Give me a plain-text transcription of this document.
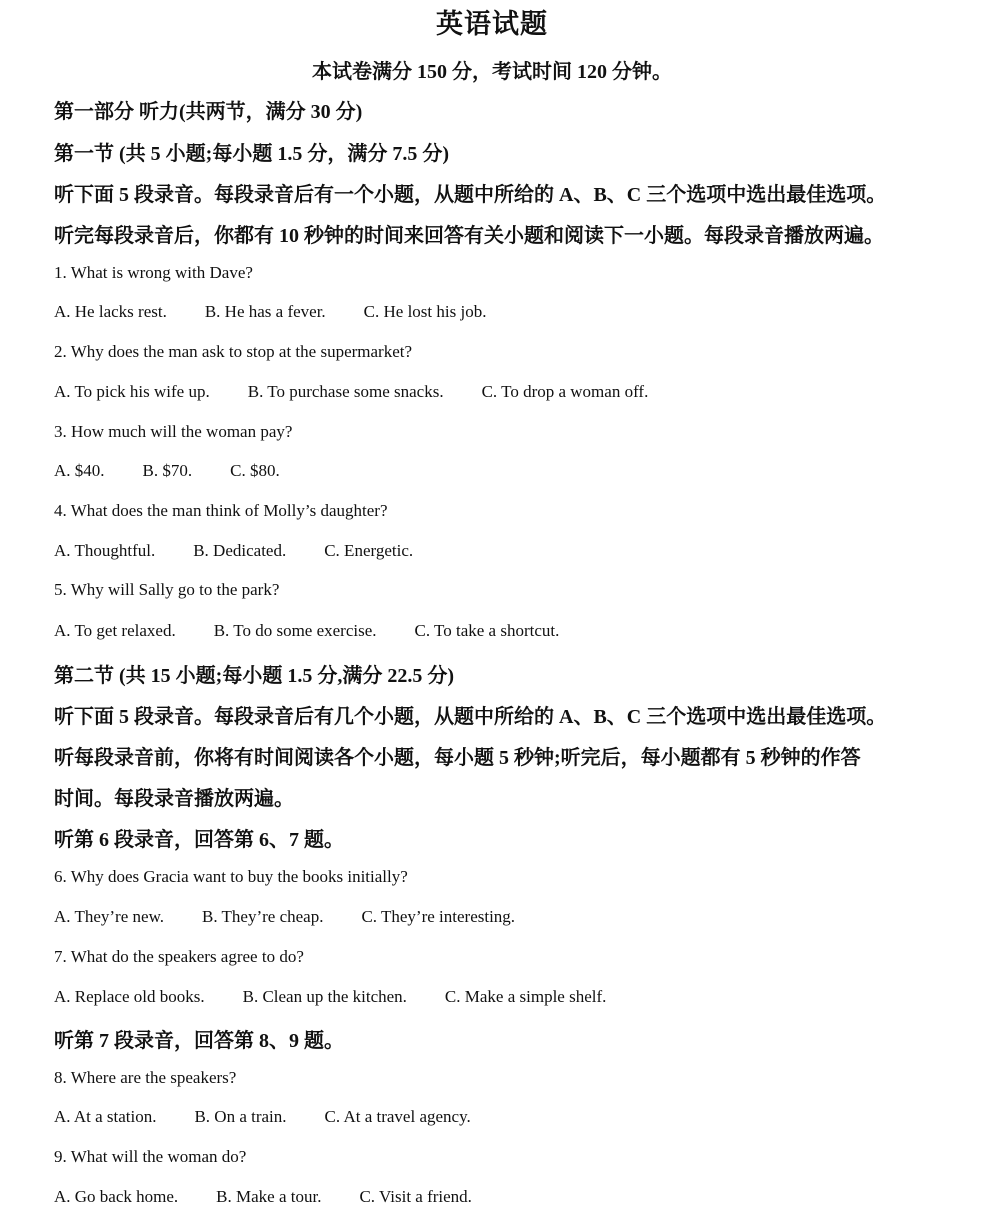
英语试题
本试卷满分 150 分，考试时间 120 分钟。
第一部分 听力(共两节，满分 30 分)
第一节 (共 5 小题;每小题 1.5 分，满分 7.5 分)
听下面 5 段录音。每段录音后有一个小题，从题中所给的 A、B、C 三个选项中选出最佳选项。
听完每段录音后，你都有 10 秒钟的时间来回答有关小题和阅读下一小题。每段录音播放两遍。
1. What is wrong with Dave?
A. He lacks rest. B. He has a fever. C. He lost his job.
2. Why does the man ask to stop at the supermarket?
A. To pick his wife up. B. To purchase some snacks. C. To drop a woman off.
3. How much will the woman pay?
A. $40. B. $70. C. $80.
4. What does the man think of Molly’s daughter?
A. Thoughtful. B. Dedicated. C. Energetic.
5. Why will Sally go to the park?
A. To get relaxed. B. To do some exercise. C. To take a shortcut.
第二节 (共 15 小题;每小题 1.5 分,满分 22.5 分)
听下面 5 段录音。每段录音后有几个小题，从题中所给的 A、B、C 三个选项中选出最佳选项。
听每段录音前，你将有时间阅读各个小题，每小题 5 秒钟;听完后，每小题都有 5 秒钟的作答
时间。每段录音播放两遍。
听第 6 段录音，回答第 6、7 题。
6. Why does Gracia want to buy the books initially?
A. They’re new. B. They’re cheap. C. They’re interesting.
7. What do the speakers agree to do?
A. Replace old books. B. Clean up the kitchen. C. Make a simple shelf.
听第 7 段录音，回答第 8、9 题。
8. Where are the speakers?
A. At a station. B. On a train. C. At a travel agency.
9. What will the woman do?
A. Go back home. B. Make a tour. C. Visit a friend.
